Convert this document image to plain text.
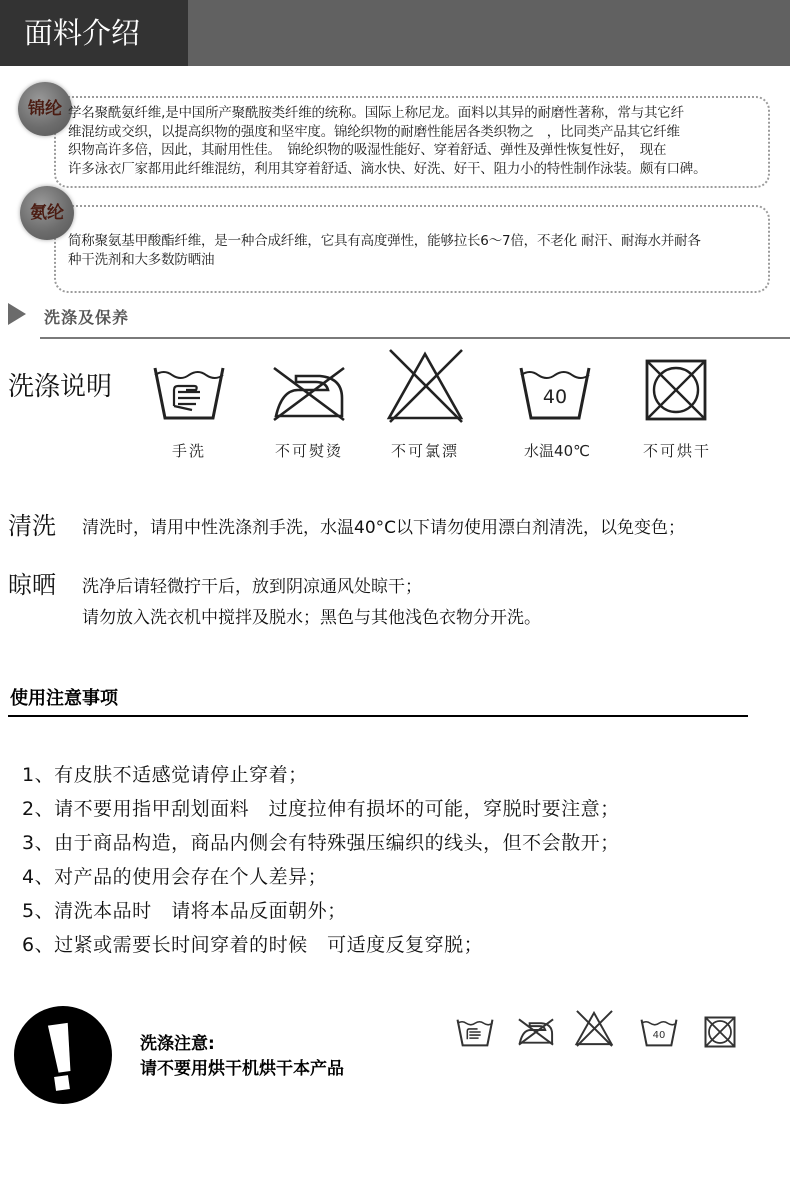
面料介绍
锦纶 学名聚酰氨纤维,是中国所产聚酰胺类纤维的统称。国际上称尼龙。面料以其异的耐磨性著称，常与其它纤
维混纺或交织，以提高织物的强度和坚牢度。锦纶织物的耐磨性能居各类织物之　，比同类产品其它纤维
织物高许多倍，因此，其耐用性佳。　锦纶织物的吸湿性能好、穿着舒适、弹性及弹性恢复性好，　现在
许多泳衣厂家都用此纤维混纺，利用其穿着舒适、滴水快、好洗、好干、阻力小的特性制作泳装。颇有口碑。
氨纶
简称聚氨基甲酸酯纤维，是一种合成纤维，它具有高度弹性，能够拉长6～7倍，不老化 耐汗、耐海水并耐各
种干洗剂和大多数防晒油
洗涤及保养
洗涤说明
手洗	不可熨烫	不可氯漂
40
水温40℃	不可烘干
清洗 清洗时，请用中性洗涤剂手洗，水温40°C以下请勿使用漂白剂清洗，以免变色；
晾晒 洗净后请轻微拧干后，放到阴凉通风处晾干；
请勿放入洗衣机中搅拌及脱水；黑色与其他浅色衣物分开洗。
使用注意事项
1、有皮肤不适感觉请停止穿着；
2、请不要用指甲刮划面料　过度拉伸有损坏的可能，穿脱时要注意；
3、由于商品构造，商品内侧会有特殊强压编织的线头，但不会散开；
4、对产品的使用会存在个人差异；
5、清洗本品时　请将本品反面朝外；
6、过紧或需要长时间穿着的时候　可适度反复穿脱；
洗涤注意:
请不要用烘干机烘干本产品
40
